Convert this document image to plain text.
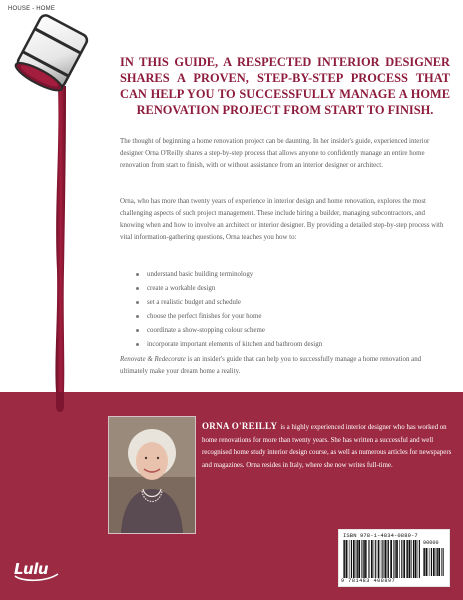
HOUSE - HOME
IN THIS GUIDE, A RESPECTED INTERIOR DESIGNER SHARES A PROVEN, STEP-BY-STEP PROCESS THAT CAN HELP YOU TO SUCCESSFULLY MANAGE A HOME RENOVATION PROJECT FROM START TO FINISH.
The thought of beginning a home renovation project can be daunting. In her insider's guide, experienced interior designer Orna O'Reilly shares a step-by-step process that allows anyone to confidently manage an entire home renovation from start to finish, with or without assistance from an interior designer or architect.
Orna, who has more than twenty years of experience in interior design and home renovation, explores the most challenging aspects of such project management. These include hiring a builder, managing subcontractors, and knowing when and how to involve an architect or interior designer. By providing a detailed step-by-step process with vital information-gathering questions, Orna teaches you how to:
understand basic building terminology
create a workable design
set a realistic budget and schedule
choose the perfect finishes for your home
coordinate a show-stopping colour scheme
incorporate important elements of kitchen and bathroom design
Renovate & Redecorate is an insider's guide that can help you to successfully manage a home renovation and ultimately make your dream home a reality.
ORNA O'REILLY is a highly experienced interior designer who has worked on home renovations for more than twenty years. She has written a successful and well recognised home study interior design course, as well as numerous articles for newspapers and magazines. Orna resides in Italy, where she now writes full-time.
ISBN 978-1-4834-0889-7
90000
9 781483 408897
Lulu
